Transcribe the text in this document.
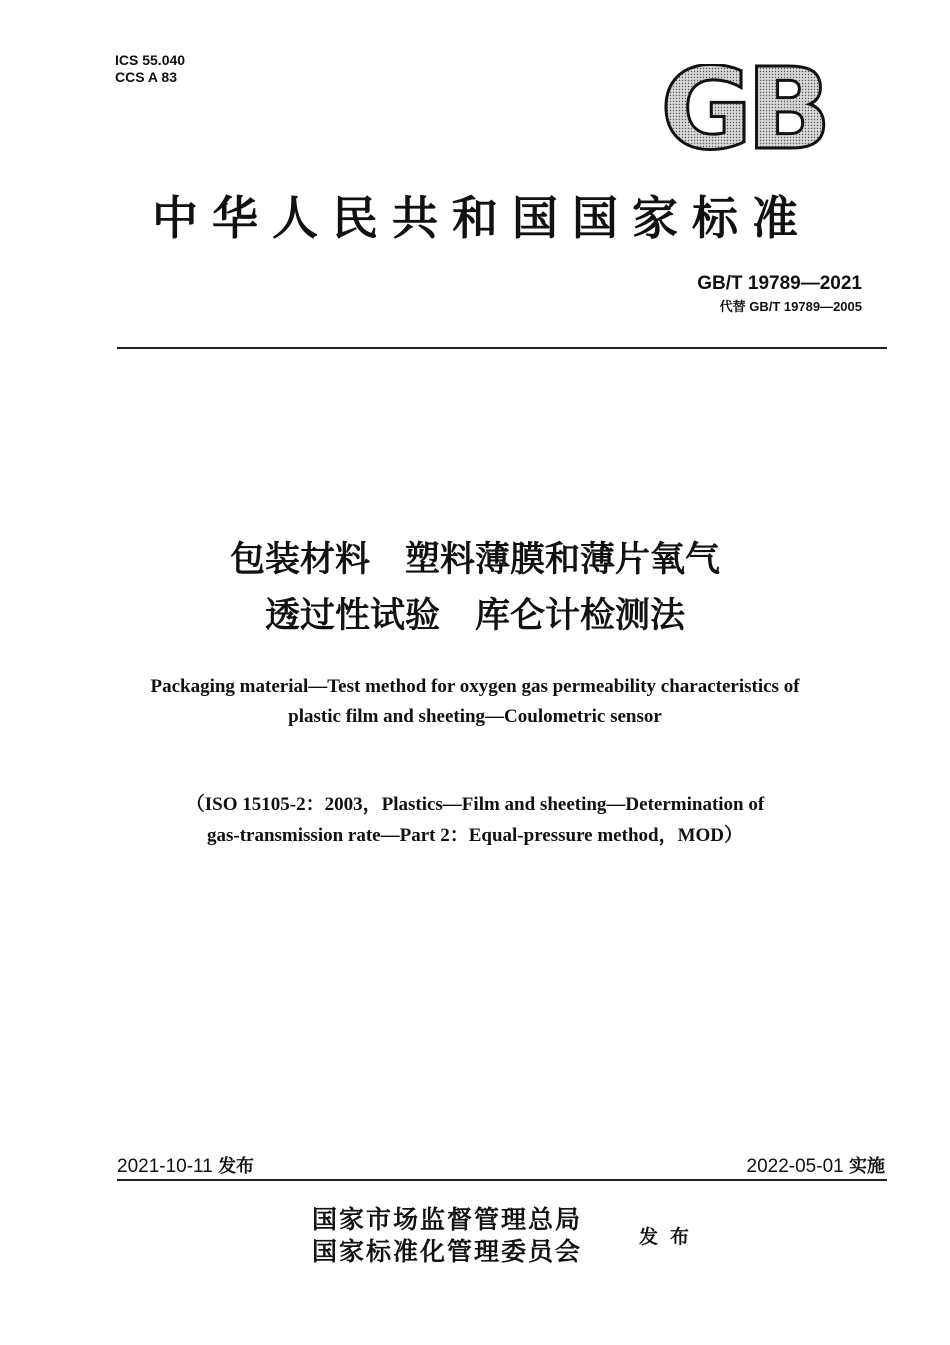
ICS 55.040
CCS A 83	GB
中华人民共和国国家标准
GB/T 19789—2021
代替 GB/T 19789—2005
包装材料　塑料薄膜和薄片氧气
透过性试验　库仑计检测法
Packaging material—Test method for oxygen gas permeability characteristics of
plastic film and sheeting—Coulometric sensor
（ISO 15105-2：2003，Plastics—Film and sheeting—Determination of
gas-transmission rate—Part 2：Equal-pressure method，MOD）
2021-10-11 发布	2022-05-01 实施
国家市场监督管理总局
国家标准化管理委员会	发布
